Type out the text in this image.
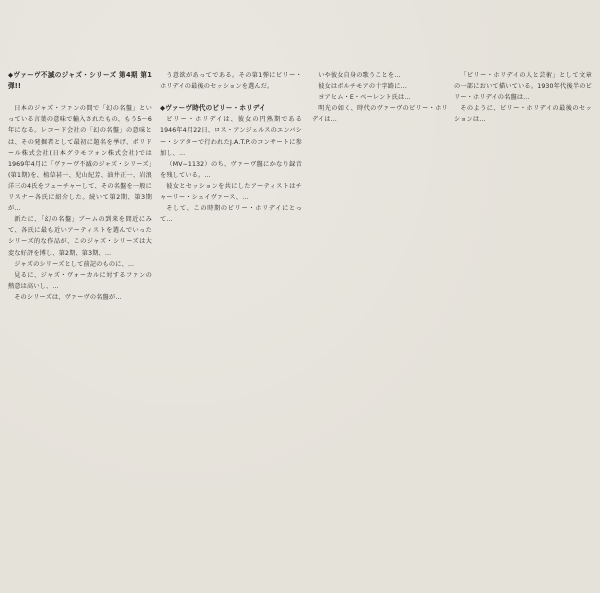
◆ヴァーヴ不滅のジャズ・シリーズ 第4期 第1弾!!

日本のジャズ・ファンの間で「幻の名盤」といっている言葉の意味で輸入されたもの、もう5〜6年になる。レコード会社の「幻の名盤」の意味とは、その発掘者として最初に題名を挙げ、ポリドール株式会社(日本グラモフォン株式会社)では1969年4月に「ヴァーヴ不滅のジャズ・シリーズ」(第1期)を、植草甚一、児山紀芳、油井正一、岩浪洋三の4氏をフューチャーして、その名盤を一般にリスナー各氏に紹介した。続いて第2期、第3期が…

新たに、「幻の名盤」ブームの到来を間近にみて、各氏に最も近いアーティストを選んでいったシリーズ的な作品が、このジャズ・シリーズは大変な好評を博し、第2期、第3期、…

ジャズのシリーズとして前記のものに、…

見るに、ジャズ・ヴォーカルに対するファンの熱意は高いし、…

そのシリーズは、ヴァーヴの名盤が…

う意欲があってである。その第1弾にビリー・ホリデイの最後のセッションを選んだ。

◆ヴァーヴ時代のビリー・ホリデイ

ビリー・ホリデイは、彼女の円熟期である1946年4月22日、ロス・アンジェルスのエンバシー・シアターで行われたJ.A.T.P.のコンサートに参加し、…

（MV−1132）のち、ヴァーヴ盤にかなり録音を残している。…

彼女とセッションを共にしたアーティストはチャーリー・シェイヴァース、…

そして、この時期のビリー・ホリデイにとって…

いや彼女自身の歌うことを…

彼女はボルチモアの十字路に…

ヨアヒム・E・ベーレント氏は…

明光の如く、時代のヴァーヴのビリー・ホリデイは…

「ビリー・ホリデイの人と芸術」として文章の一部において描いている。1930年代後半のビリー・ホリデイの名盤は…

そのように、ビリー・ホリデイの最後のセッションは…
